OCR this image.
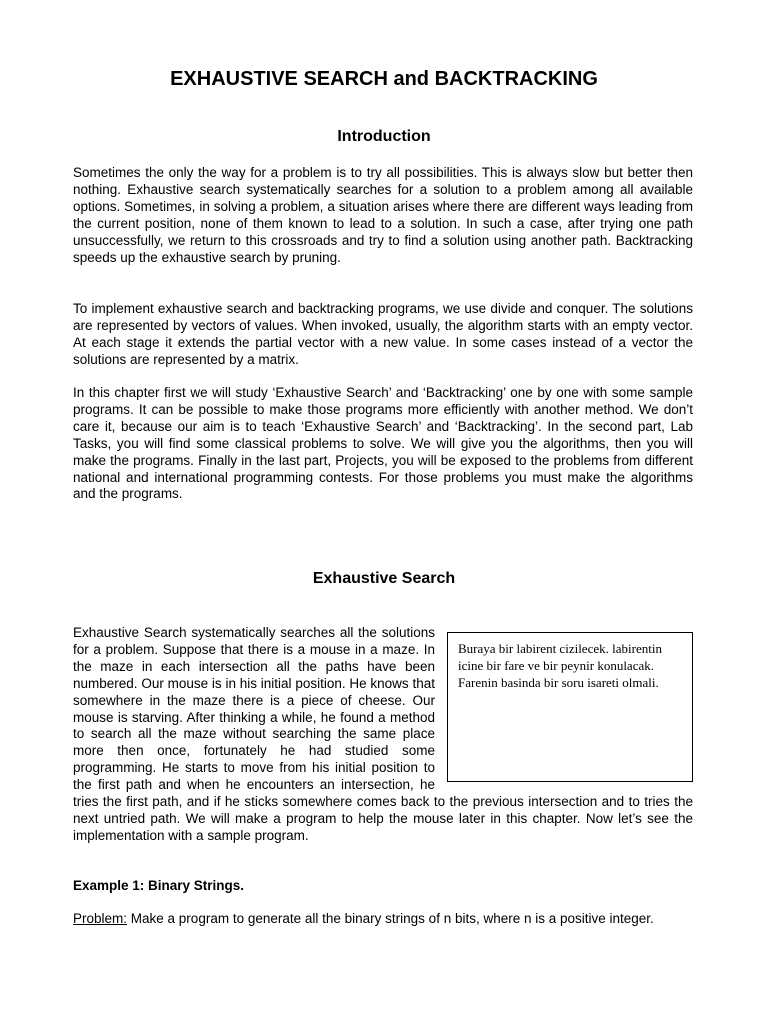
EXHAUSTIVE SEARCH and BACKTRACKING
Introduction

Sometimes the only the way for a problem is to try all possibilities. This is always slow but better then nothing. Exhaustive search systematically searches for a solution to a problem among all available options. Sometimes, in solving a problem, a situation arises where there are different ways leading from the current position, none of them known to lead to a solution. In such a case, after trying one path unsuccessfully, we return to this crossroads and try to find a solution using another path. Backtracking speeds up the exhaustive search by pruning.

To implement exhaustive search and backtracking programs, we use divide and conquer. The solutions are represented by vectors of values. When invoked, usually, the algorithm starts with an empty vector. At each stage it extends the partial vector with a new value. In some cases instead of a vector the solutions are represented by a matrix.

In this chapter first we will study ‘Exhaustive Search’ and ‘Backtracking’ one by one with some sample programs. It can be possible to make those programs more efficiently with another method. We don’t care it, because our aim is to teach ‘Exhaustive Search’ and ‘Backtracking’. In the second part, Lab Tasks, you will find some classical problems to solve. We will give you the algorithms, then you will make the programs. Finally in the last part, Projects, you will be exposed to the problems from different national and international programming contests. For those problems you must make the algorithms and the programs.

Exhaustive Search
Buraya bir labirent cizilecek. labirentin icine bir fare ve bir peynir konulacak. Farenin basinda bir soru isareti olmali.
Exhaustive Search systematically searches all the solutions for a problem. Suppose that there is a mouse in a maze. In the maze in each intersection all the paths have been numbered. Our mouse is in his initial position. He knows that somewhere in the maze there is a piece of cheese. Our mouse is starving. After thinking a while, he found a method to search all the maze without searching the same place more then once, fortunately he had studied some programming. He starts to move from his initial position to the first path and when he encounters an intersection, he tries the first path, and if he sticks somewhere comes back to the previous intersection and to tries the next untried path. We will make a program to help the mouse later in this chapter. Now let’s see the implementation with a sample program.

Example 1: Binary Strings.

Problem: Make a program to generate all the binary strings of n bits, where n is a positive integer.
